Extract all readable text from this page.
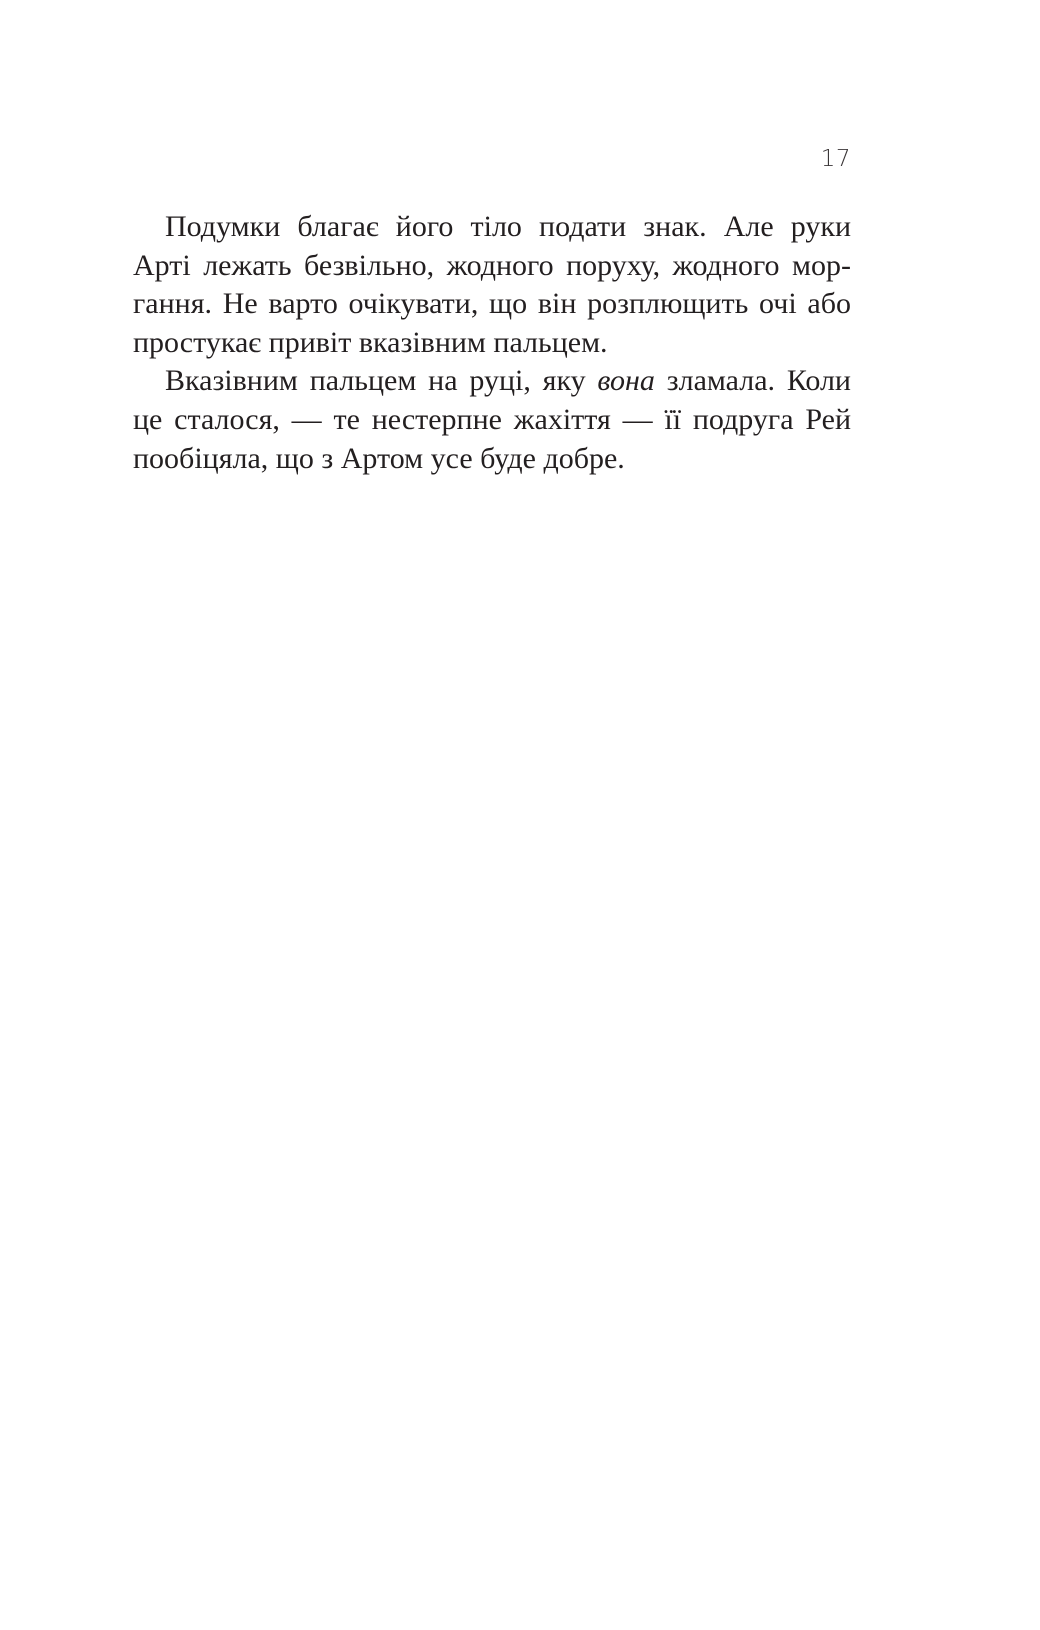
17
Подумки благає його тіло подати знак. Але руки
Арті лежать безвільно, жодного поруху, жодного мор-
гання. Не варто очікувати, що він розплющить очі або
простукає привіт вказівним пальцем.
Вказівним пальцем на руці, яку вона зламала. Коли
це сталося, — те нестерпне жахіття — її подруга Рей
пообіцяла, що з Артом усе буде добре.
